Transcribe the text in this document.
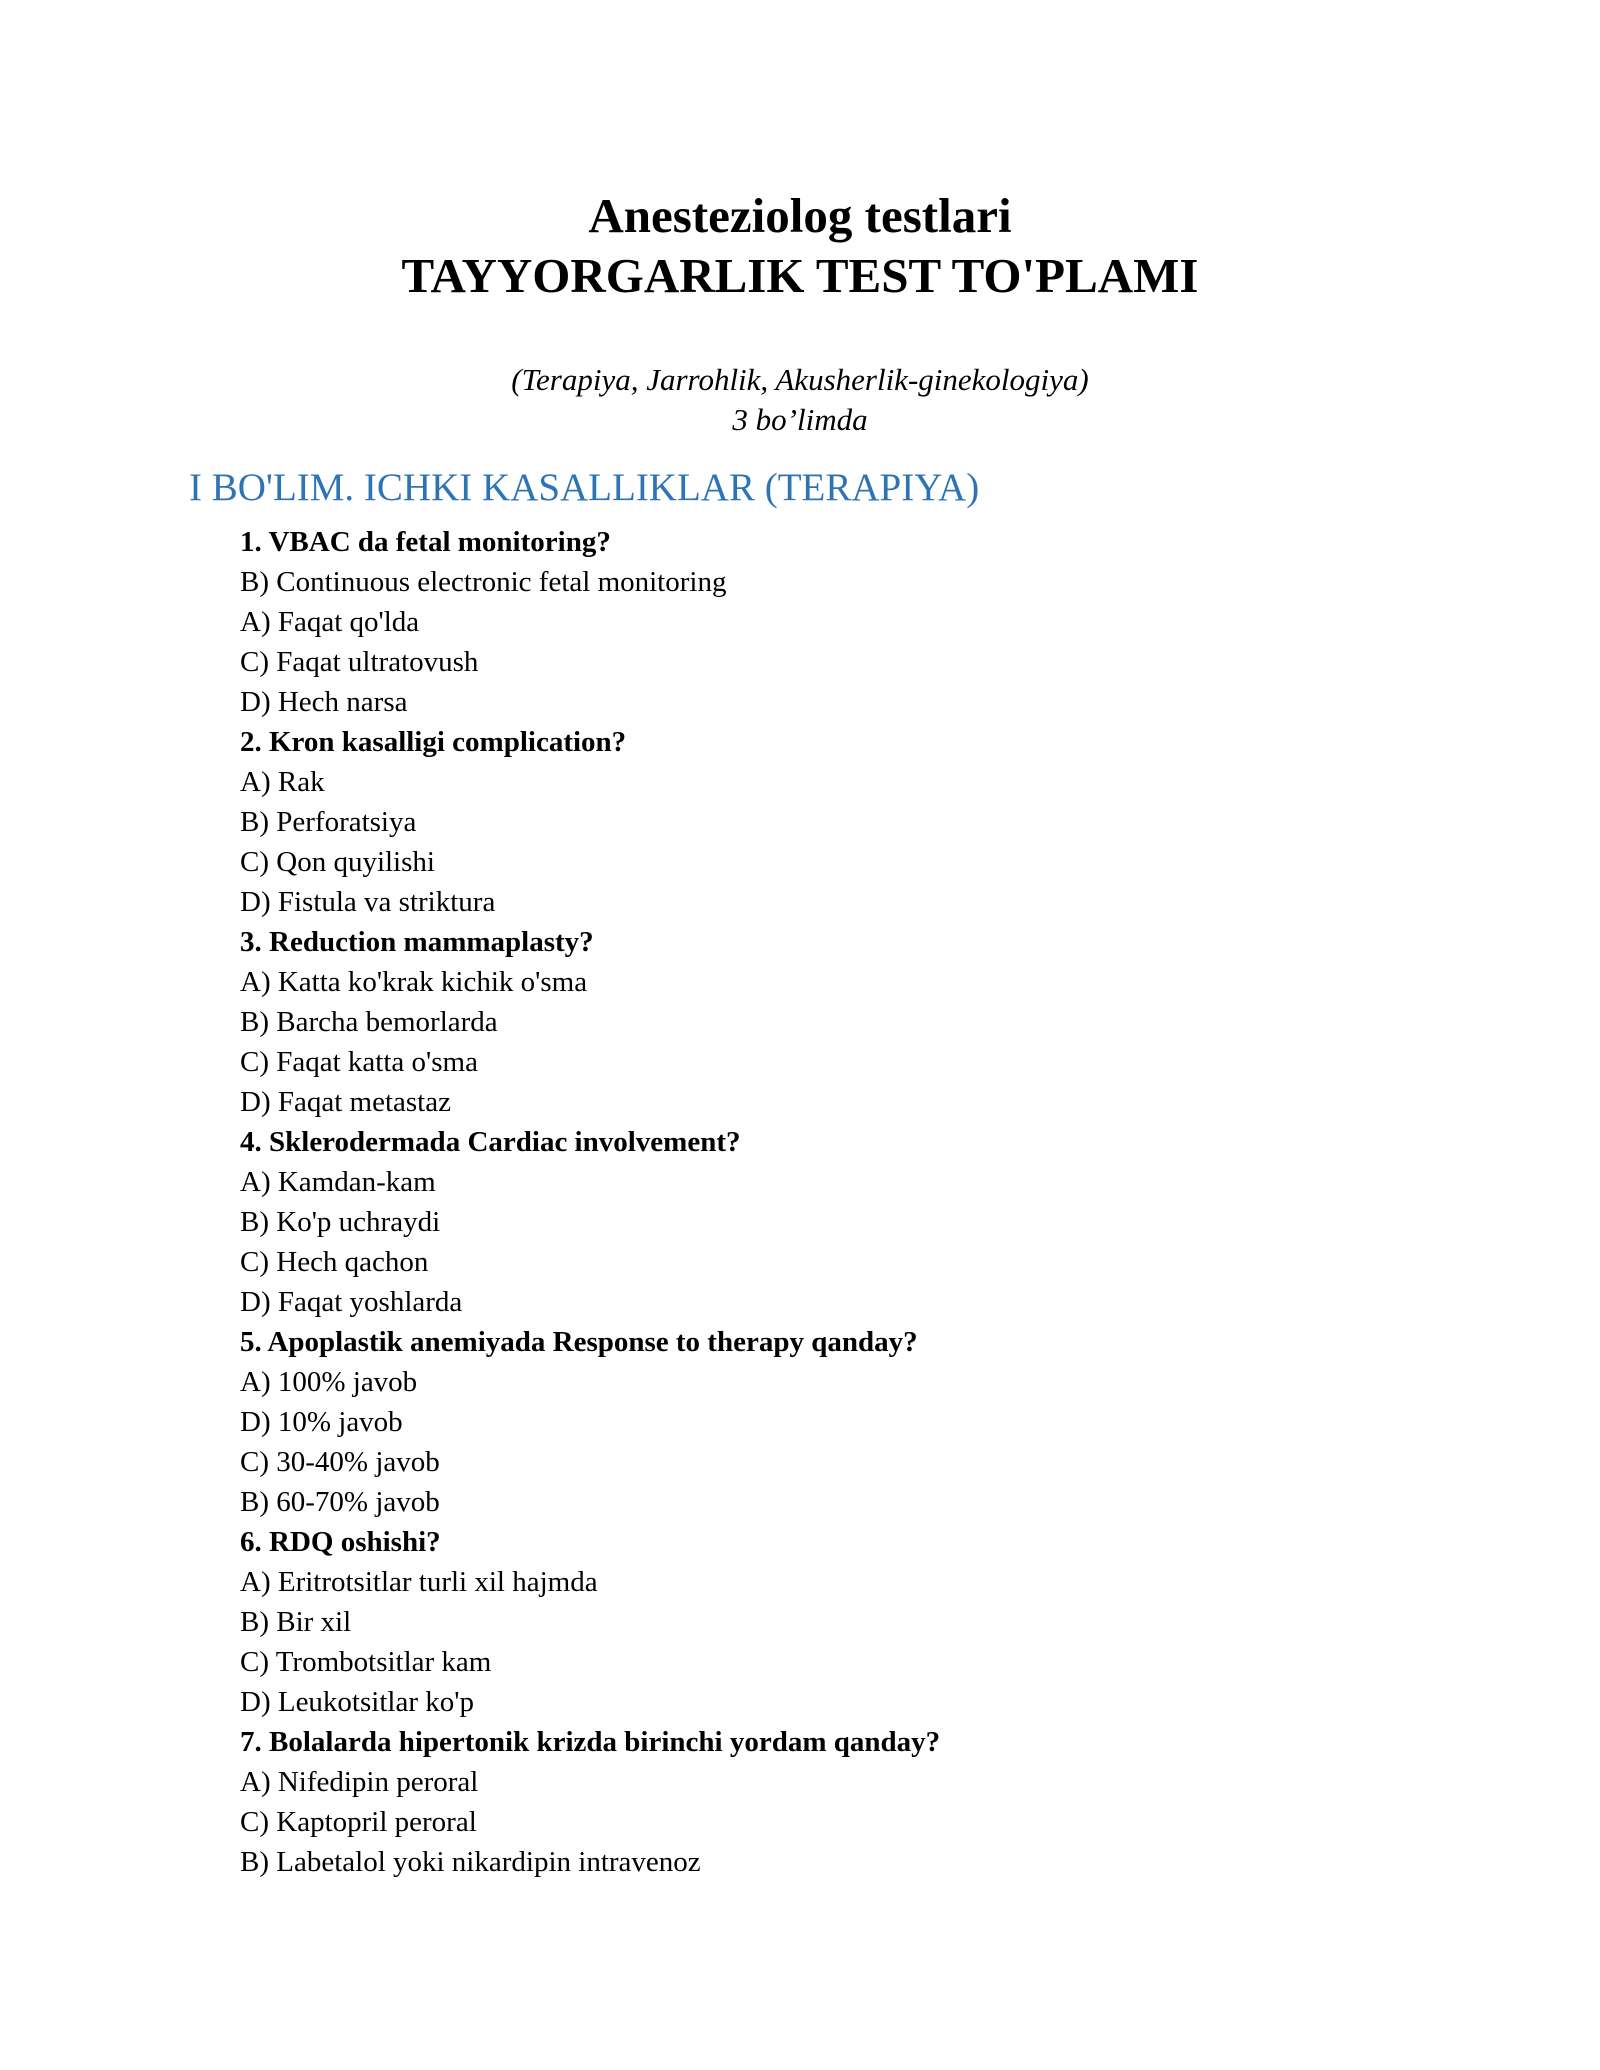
Anesteziolog testlari
TAYYORGARLIK TEST TO'PLAMI
(Terapiya, Jarrohlik, Akusherlik-ginekologiya)
3 bo’limda
I BO'LIM. ICHKI KASALLIKLAR (TERAPIYA)
1. VBAC da fetal monitoring?
B) Continuous electronic fetal monitoring
A) Faqat qo'lda
C) Faqat ultratovush
D) Hech narsa
2. Kron kasalligi complication?
A) Rak
B) Perforatsiya
C) Qon quyilishi
D) Fistula va striktura
3. Reduction mammaplasty?
A) Katta ko'krak kichik o'sma
B) Barcha bemorlarda
C) Faqat katta o'sma
D) Faqat metastaz
4. Sklerodermada Cardiac involvement?
A) Kamdan-kam
B) Ko'p uchraydi
C) Hech qachon
D) Faqat yoshlarda
5. Apoplastik anemiyada Response to therapy qanday?
A) 100% javob
D) 10% javob
C) 30-40% javob
B) 60-70% javob
6. RDQ oshishi?
A) Eritrotsitlar turli xil hajmda
B) Bir xil
C) Trombotsitlar kam
D) Leukotsitlar ko'p
7. Bolalarda hipertonik krizda birinchi yordam qanday?
A) Nifedipin peroral
C) Kaptopril peroral
B) Labetalol yoki nikardipin intravenoz
